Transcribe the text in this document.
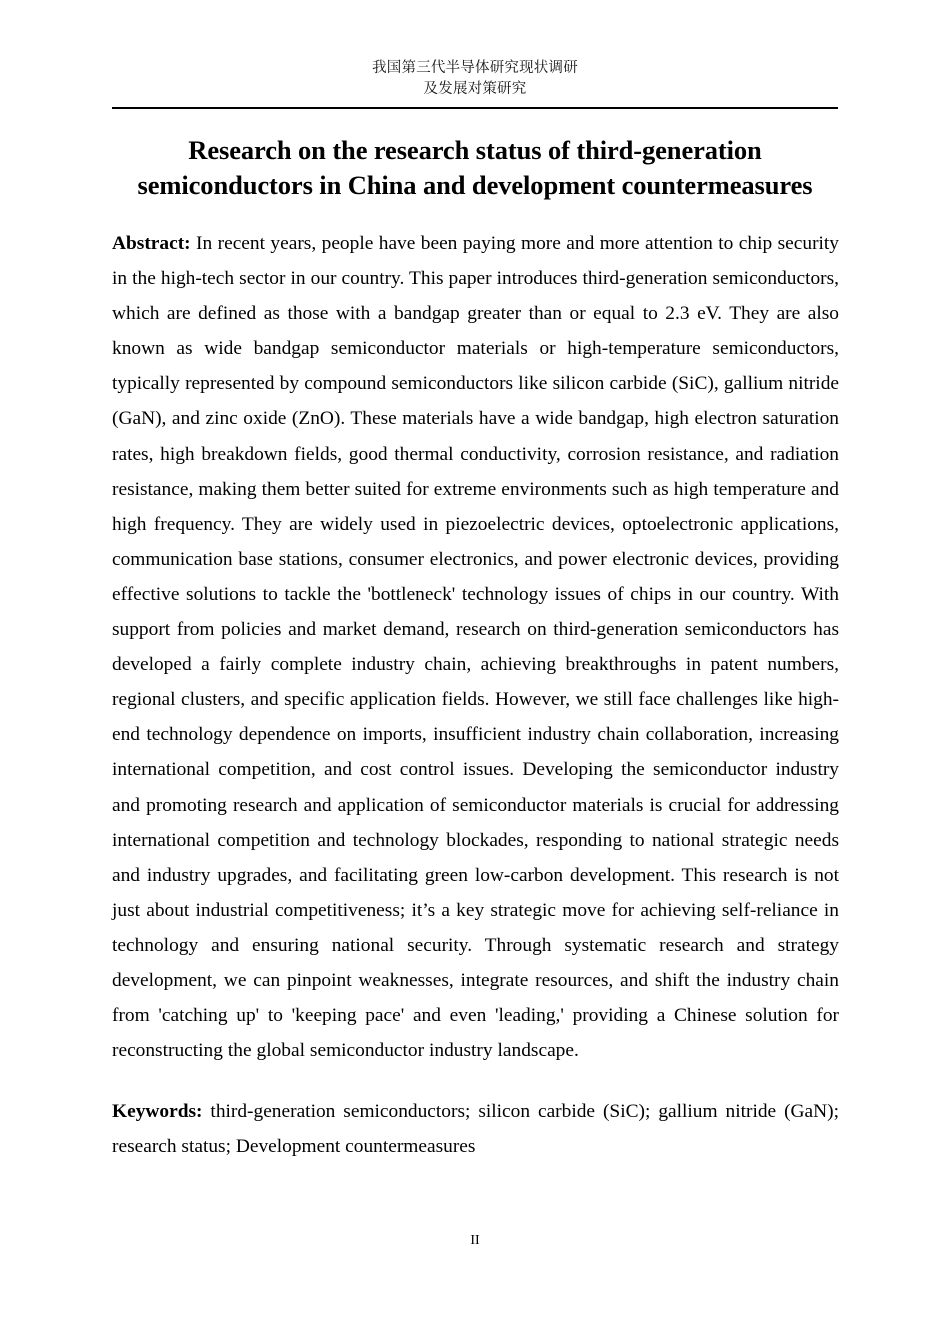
我国第三代半导体研究现状调研
及发展对策研究
Research on the research status of third-generation semiconductors in China and development countermeasures

Abstract: In recent years, people have been paying more and more attention to chip security in the high-tech sector in our country. This paper introduces third-generation semiconductors, which are defined as those with a bandgap greater than or equal to 2.3 eV. They are also known as wide bandgap semiconductor materials or high-temperature semiconductors, typically represented by compound semiconductors like silicon carbide (SiC), gallium nitride (GaN), and zinc oxide (ZnO). These materials have a wide bandgap, high electron saturation rates, high breakdown fields, good thermal conductivity, corrosion resistance, and radiation resistance, making them better suited for extreme environments such as high temperature and high frequency. They are widely used in piezoelectric devices, optoelectronic applications, communication base stations, consumer electronics, and power electronic devices, providing effective solutions to tackle the 'bottleneck' technology issues of chips in our country. With support from policies and market demand, research on third-generation semiconductors has developed a fairly complete industry chain, achieving breakthroughs in patent numbers, regional clusters, and specific application fields. However, we still face challenges like high-end technology dependence on imports, insufficient industry chain collaboration, increasing international competition, and cost control issues. Developing the semiconductor industry and promoting research and application of semiconductor materials is crucial for addressing international competition and technology blockades, responding to national strategic needs and industry upgrades, and facilitating green low-carbon development. This research is not just about industrial competitiveness; it’s a key strategic move for achieving self-reliance in technology and ensuring national security. Through systematic research and strategy development, we can pinpoint weaknesses, integrate resources, and shift the industry chain from 'catching up' to 'keeping pace' and even 'leading,' providing a Chinese solution for reconstructing the global semiconductor industry landscape.

Keywords: third-generation semiconductors; silicon carbide (SiC); gallium nitride (GaN); research status; Development countermeasures

II
